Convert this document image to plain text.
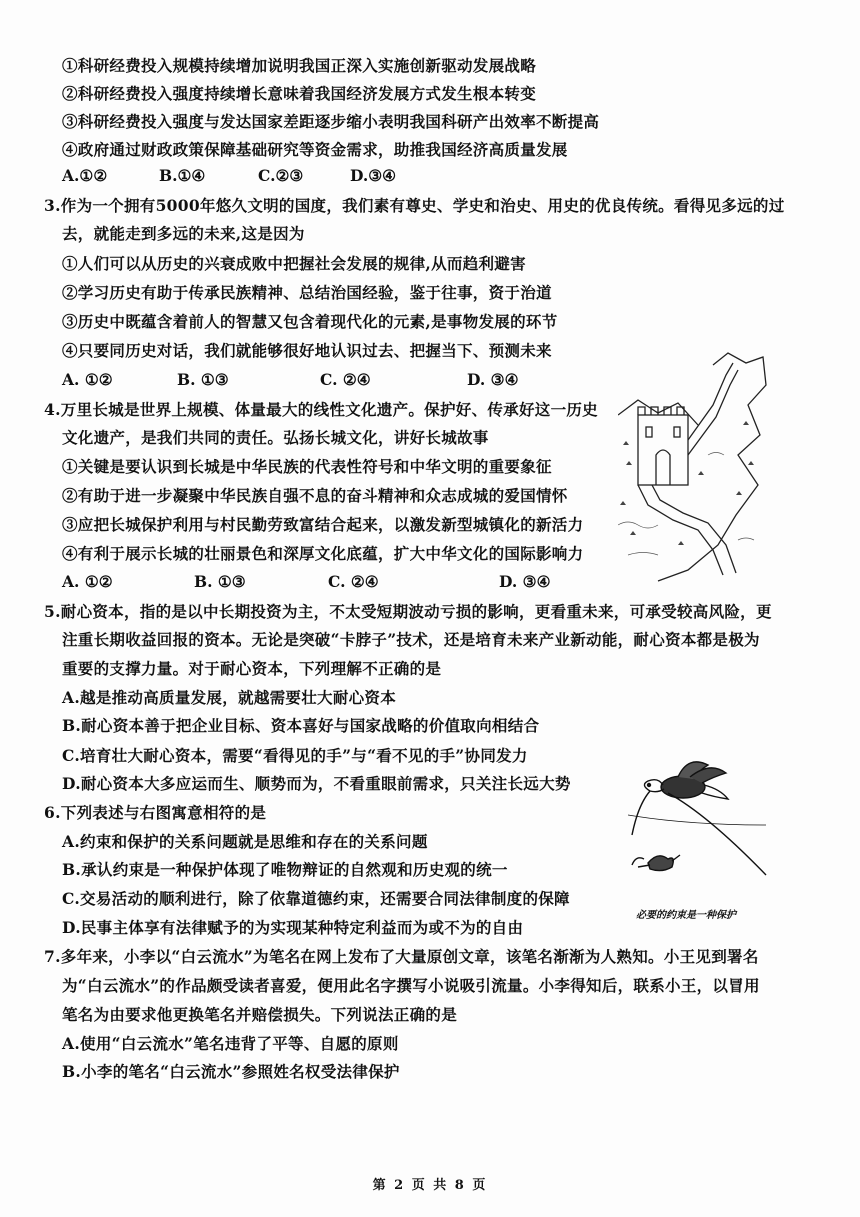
①科研经费投入规模持续增加说明我国正深入实施创新驱动发展战略
②科研经费投入强度持续增长意味着我国经济发展方式发生根本转变
③科研经费投入强度与发达国家差距逐步缩小表明我国科研产出效率不断提高
④政府通过财政政策保障基础研究等资金需求，助推我国经济高质量发展
A.①②	B.①④	C.②③	D.③④
3.作为一个拥有5000年悠久文明的国度，我们素有尊史、学史和治史、用史的优良传统。看得见多远的过
去，就能走到多远的未来,这是因为
①人们可以从历史的兴衰成败中把握社会发展的规律,从而趋利避害
②学习历史有助于传承民族精神、总结治国经验，鉴于往事，资于治道
③历史中既蕴含着前人的智慧又包含着现代化的元素,是事物发展的环节
④只要同历史对话，我们就能够很好地认识过去、把握当下、预测未来
A. ①②	B. ①③	C. ②④	D. ③④
4.万里长城是世界上规模、体量最大的线性文化遗产。保护好、传承好这一历史
文化遗产，是我们共同的责任。弘扬长城文化，讲好长城故事
①关键是要认识到长城是中华民族的代表性符号和中华文明的重要象征
②有助于进一步凝聚中华民族自强不息的奋斗精神和众志成城的爱国情怀
③应把长城保护利用与村民勤劳致富结合起来，以激发新型城镇化的新活力
④有利于展示长城的壮丽景色和深厚文化底蕴，扩大中华文化的国际影响力
A. ①②	B. ①③	C. ②④	D. ③④
5.耐心资本，指的是以中长期投资为主，不太受短期波动亏损的影响，更看重未来，可承受较高风险，更
注重长期收益回报的资本。无论是突破“卡脖子”技术，还是培育未来产业新动能，耐心资本都是极为
重要的支撑力量。对于耐心资本，下列理解不正确的是
A.越是推动高质量发展，就越需要壮大耐心资本
B.耐心资本善于把企业目标、资本喜好与国家战略的价值取向相结合
C.培育壮大耐心资本，需要“看得见的手”与“看不见的手”协同发力
D.耐心资本大多应运而生、顺势而为，不看重眼前需求，只关注长远大势
6.下列表述与右图寓意相符的是
A.约束和保护的关系问题就是思维和存在的关系问题
B.承认约束是一种保护体现了唯物辩证的自然观和历史观的统一
C.交易活动的顺利进行，除了依靠道德约束，还需要合同法律制度的保障
D.民事主体享有法律赋予的为实现某种特定利益而为或不为的自由
必要的约束是一种保护
7.多年来，小李以“白云流水”为笔名在网上发布了大量原创文章，该笔名渐渐为人熟知。小王见到署名
为“白云流水”的作品颇受读者喜爱，便用此名字撰写小说吸引流量。小李得知后，联系小王，以冒用
笔名为由要求他更换笔名并赔偿损失。下列说法正确的是
A.使用“白云流水”笔名违背了平等、自愿的原则
B.小李的笔名“白云流水”参照姓名权受法律保护
第 2 页 共 8 页
